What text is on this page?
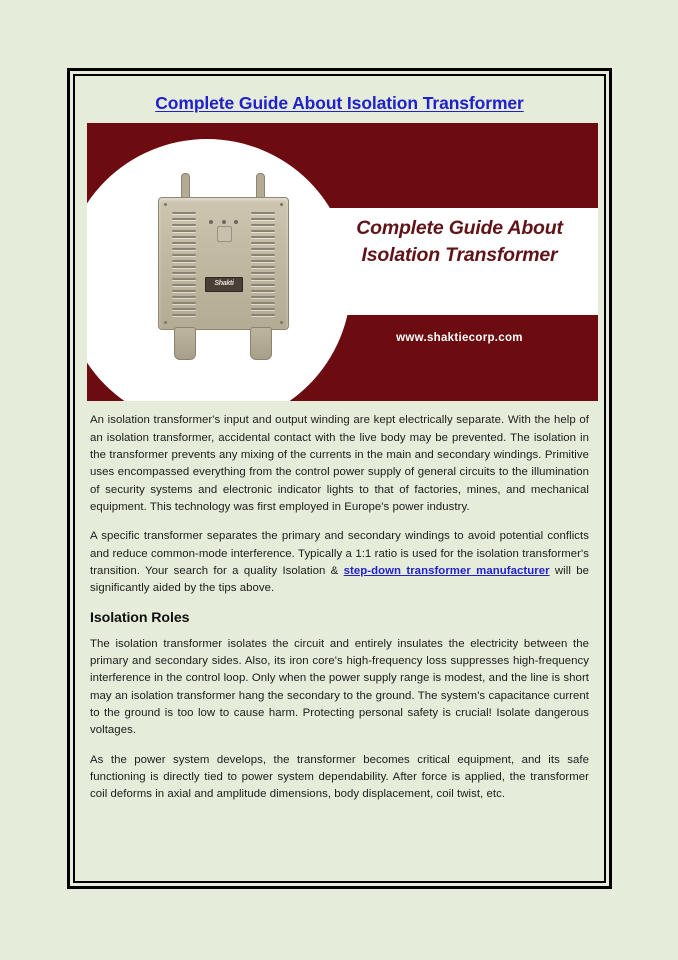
Complete Guide About Isolation Transformer
Shakti
Complete Guide About Isolation Transformer
www.shaktiecorp.com

An isolation transformer's input and output winding are kept electrically separate. With the help of an isolation transformer, accidental contact with the live body may be prevented. The isolation in the transformer prevents any mixing of the currents in the main and secondary windings. Primitive uses encompassed everything from the control power supply of general circuits to the illumination of security systems and electronic indicator lights to that of factories, mines, and mechanical equipment. This technology was first employed in Europe's power industry.

A specific transformer separates the primary and secondary windings to avoid potential conflicts and reduce common-mode interference. Typically a 1:1 ratio is used for the isolation transformer's transition. Your search for a quality Isolation & step-down transformer manufacturer will be significantly aided by the tips above.

Isolation Roles

The isolation transformer isolates the circuit and entirely insulates the electricity between the primary and secondary sides. Also, its iron core's high-frequency loss suppresses high-frequency interference in the control loop. Only when the power supply range is modest, and the line is short may an isolation transformer hang the secondary to the ground. The system's capacitance current to the ground is too low to cause harm. Protecting personal safety is crucial! Isolate dangerous voltages.

As the power system develops, the transformer becomes critical equipment, and its safe functioning is directly tied to power system dependability. After force is applied, the transformer coil deforms in axial and amplitude dimensions, body displacement, coil twist, etc.
